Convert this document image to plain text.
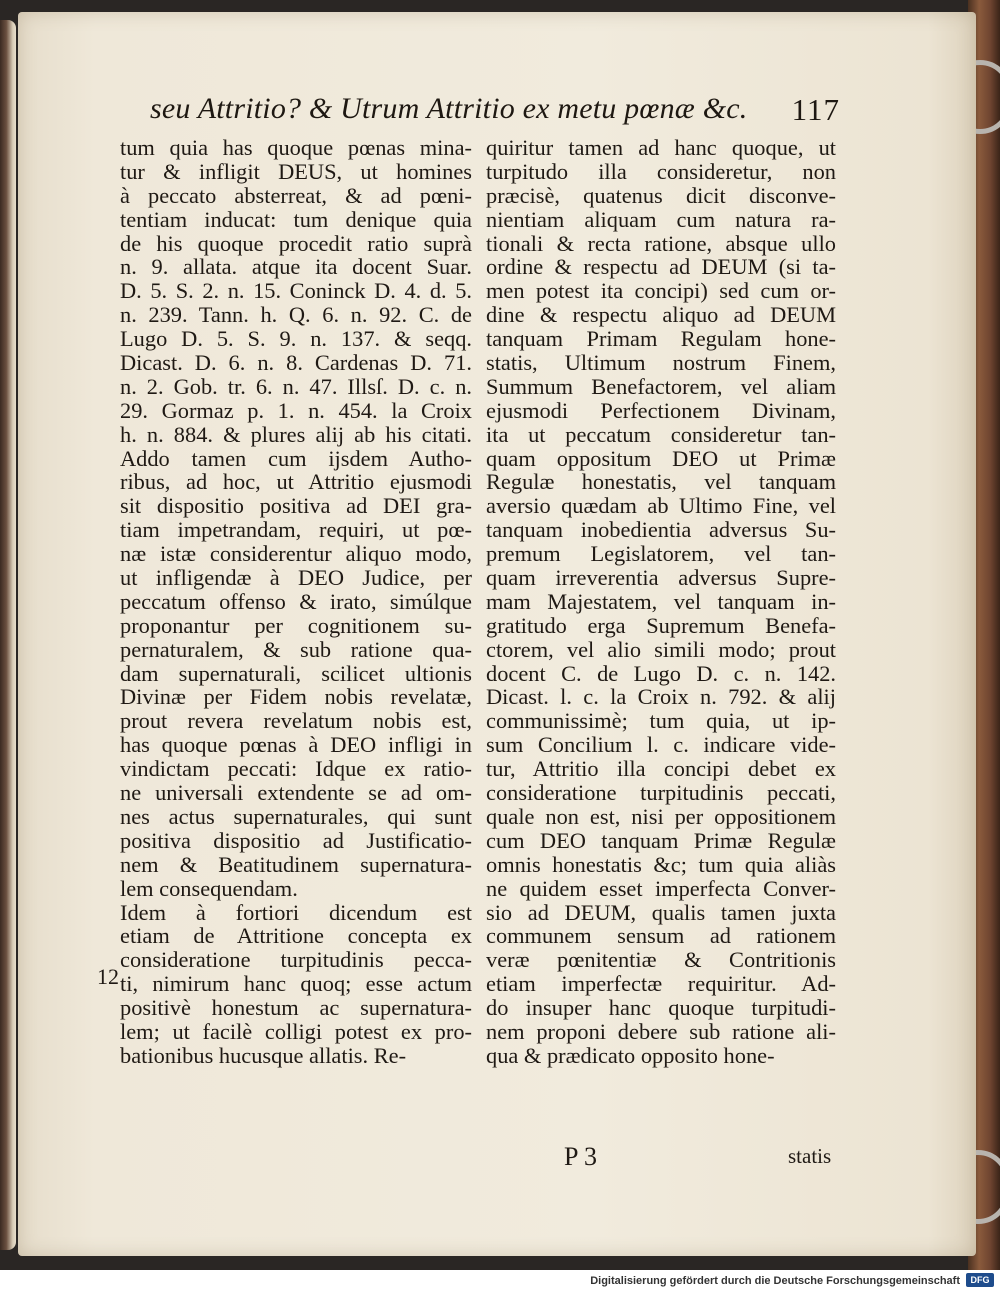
seu Attritio? & Utrum Attritio ex metu pœnæ &c. 117
tum quia has quoque pœnas mina-
tur & infligit DEUS, ut homines
à peccato absterreat, & ad pœni-
tentiam inducat: tum denique quia
de his quoque procedit ratio suprà
n. 9. allata. atque ita docent Suar.
D. 5. S. 2. n. 15. Coninck D. 4. d. 5.
n. 239. Tann. h. Q. 6. n. 92. C. de
Lugo D. 5. S. 9. n. 137. & seqq.
Dicast. D. 6. n. 8. Cardenas D. 71.
n. 2. Gob. tr. 6. n. 47. Illsſ. D. c. n.
29. Gormaz p. 1. n. 454. la Croix
h. n. 884. & plures alij ab his citati.
Addo tamen cum ijsdem Autho-
ribus, ad hoc, ut Attritio ejusmodi
sit dispositio positiva ad DEI gra-
tiam impetrandam, requiri, ut pœ-
næ istæ considerentur aliquo modo,
ut infligendæ à DEO Judice, per
peccatum offenso & irato, simúlque
proponantur per cognitionem su-
pernaturalem, & sub ratione qua-
dam supernaturali, scilicet ultionis
Divinæ per Fidem nobis revelatæ,
prout revera revelatum nobis est,
has quoque pœnas à DEO infligi in
vindictam peccati: Idque ex ratio-
ne universali extendente se ad om-
nes actus supernaturales, qui sunt
positiva dispositio ad Justificatio-
nem & Beatitudinem supernatura-
lem consequendam.
Idem à fortiori dicendum est
etiam de Attritione concepta ex
consideratione turpitudinis pecca-
ti, nimirum hanc quoq; esse actum
positivè honestum ac supernatura-
lem; ut facilè colligi potest ex pro-
bationibus hucusque allatis. Re-
quiritur tamen ad hanc quoque, ut
turpitudo illa consideretur, non
præcisè, quatenus dicit disconve-
nientiam aliquam cum natura ra-
tionali & recta ratione, absque ullo
ordine & respectu ad DEUM (si ta-
men potest ita concipi) sed cum or-
dine & respectu aliquo ad DEUM
tanquam Primam Regulam hone-
statis, Ultimum nostrum Finem,
Summum Benefactorem, vel aliam
ejusmodi Perfectionem Divinam,
ita ut peccatum consideretur tan-
quam oppositum DEO ut Primæ
Regulæ honestatis, vel tanquam
aversio quædam ab Ultimo Fine, vel
tanquam inobedientia adversus Su-
premum Legislatorem, vel tan-
quam irreverentia adversus Supre-
mam Majestatem, vel tanquam in-
gratitudo erga Supremum Benefa-
ctorem, vel alio simili modo; prout
docent C. de Lugo D. c. n. 142.
Dicast. l. c. la Croix n. 792. & alij
communissimè; tum quia, ut ip-
sum Concilium l. c. indicare vide-
tur, Attritio illa concipi debet ex
consideratione turpitudinis peccati,
quale non est, nisi per oppositionem
cum DEO tanquam Primæ Regulæ
omnis honestatis &c; tum quia aliàs
ne quidem esset imperfecta Conver-
sio ad DEUM, qualis tamen juxta
communem sensum ad rationem
veræ pœnitentiæ & Contritionis
etiam imperfectæ requiritur. Ad-
do insuper hanc quoque turpitudi-
nem proponi debere sub ratione ali-
qua & prædicato opposito hone-
12
P 3	statis
Digitalisierung gefördert durch die Deutsche Forschungsgemeinschaft	DFG
